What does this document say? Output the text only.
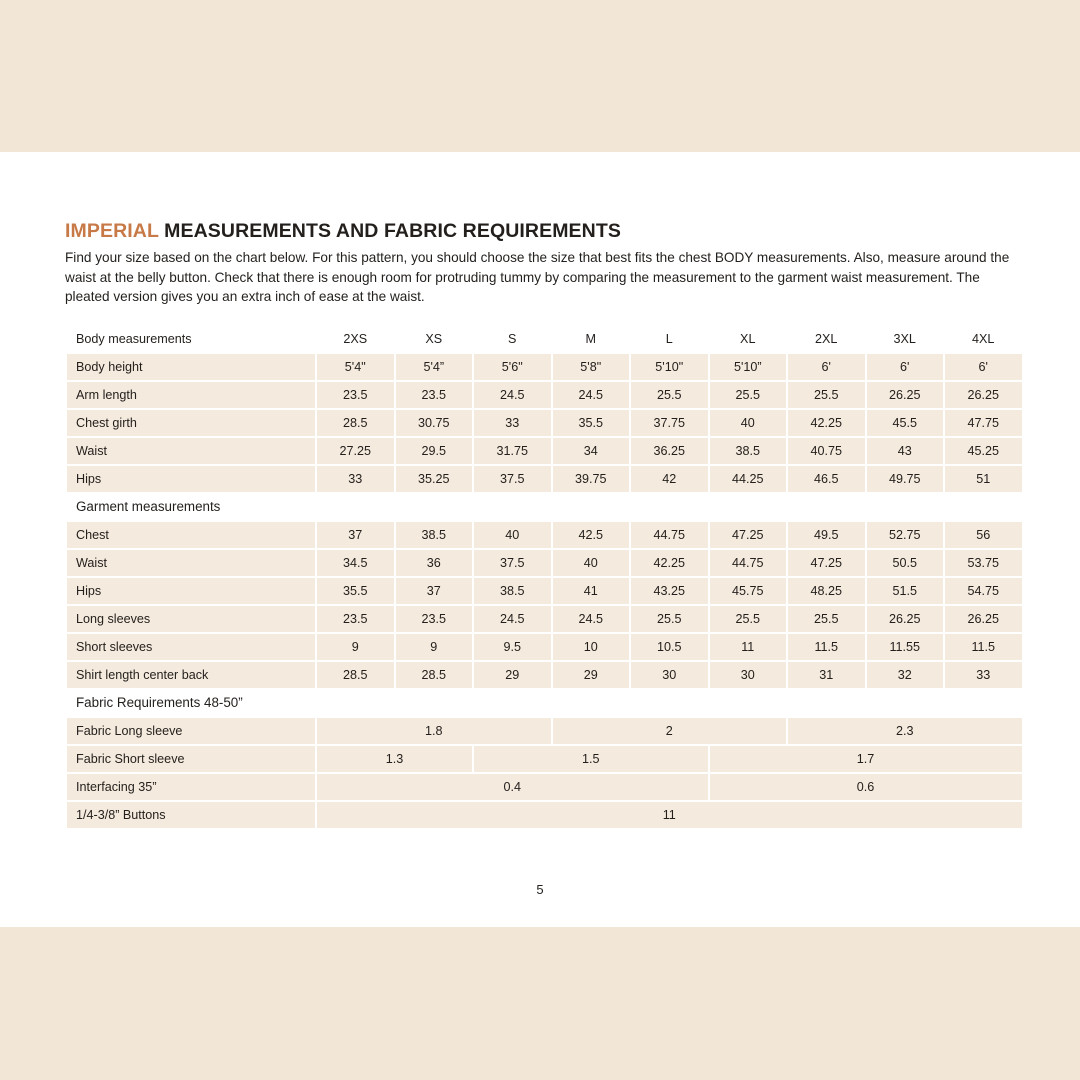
IMPERIAL MEASUREMENTS AND FABRIC REQUIREMENTS

Find your size based on the chart below. For this pattern, you should choose the size that best fits the chest BODY measurements. Also, measure around the waist at the belly button. Check that there is enough room for protruding tummy by comparing the measurement to the garment waist measurement. The pleated version gives you an extra inch of ease at the waist.

Body measurements	2XS	XS	S	M	L	XL	2XL	3XL	4XL
Body height	5'4"	5'4”	5'6"	5'8"	5'10"	5'10”	6'	6'	6'
Arm length	23.5	23.5	24.5	24.5	25.5	25.5	25.5	26.25	26.25
Chest girth	28.5	30.75	33	35.5	37.75	40	42.25	45.5	47.75
Waist	27.25	29.5	31.75	34	36.25	38.5	40.75	43	45.25
Hips	33	35.25	37.5	39.75	42	44.25	46.5	49.75	51
Garment measurements									
Chest	37	38.5	40	42.5	44.75	47.25	49.5	52.75	56
Waist	34.5	36	37.5	40	42.25	44.75	47.25	50.5	53.75
Hips	35.5	37	38.5	41	43.25	45.75	48.25	51.5	54.75
Long sleeves	23.5	23.5	24.5	24.5	25.5	25.5	25.5	26.25	26.25
Short sleeves	9	9	9.5	10	10.5	11	11.5	11.55	11.5
Shirt length center back	28.5	28.5	29	29	30	30	31	32	33
Fabric Requirements 48-50”									
Fabric Long sleeve	1.8			2			2.3		
Fabric Short sleeve	1.3		1.5			1.7			
Interfacing 35”	0.4					0.6			
1/4-3/8” Buttons	11								
5
